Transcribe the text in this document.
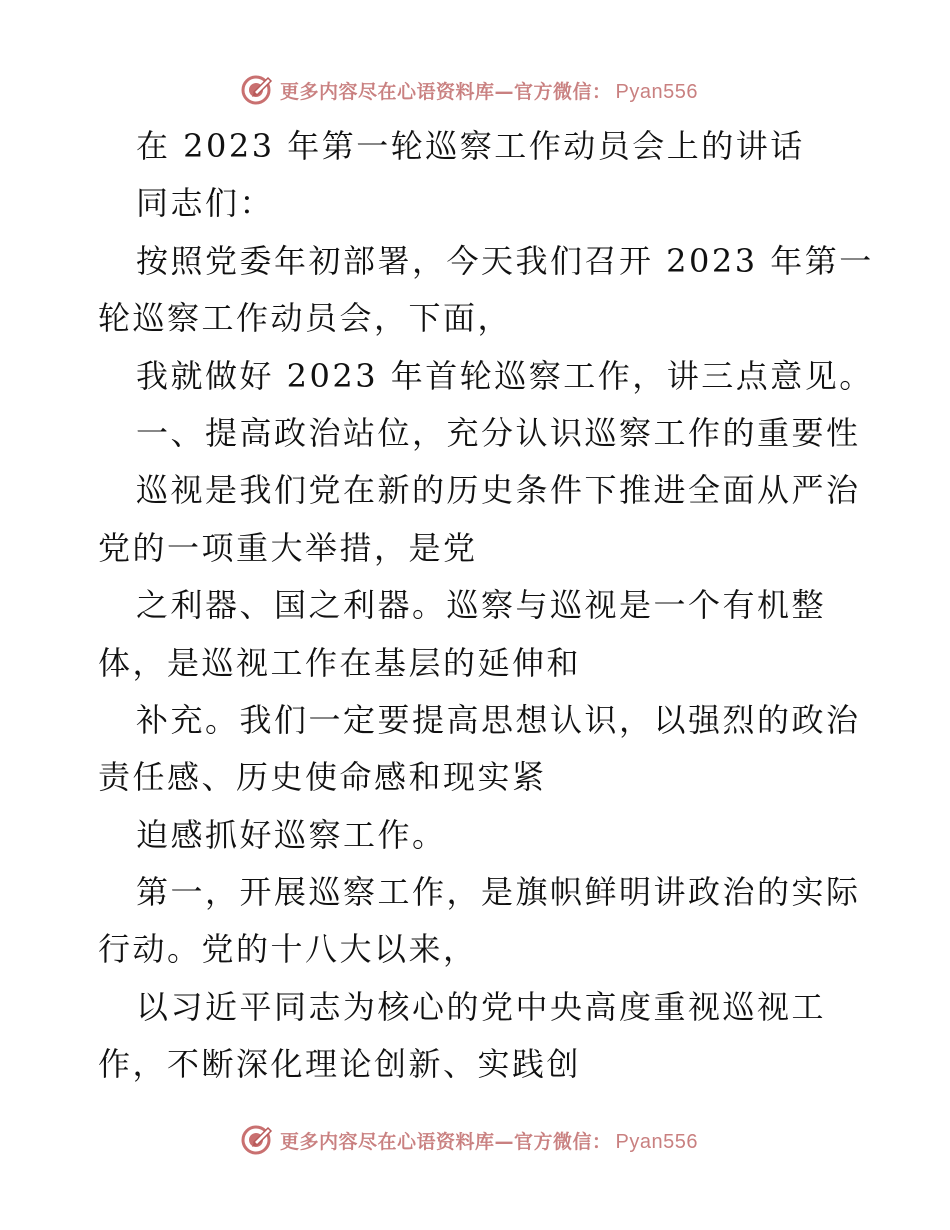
更多内容尽在心语资料库—官方微信： Pyan556
在 2023 年第一轮巡察工作动员会上的讲话
同志们：
按照党委年初部署，今天我们召开 2023 年第一
轮巡察工作动员会，下面，
我就做好 2023 年首轮巡察工作，讲三点意见。
一、提高政治站位，充分认识巡察工作的重要性
巡视是我们党在新的历史条件下推进全面从严治
党的一项重大举措，是党
之利器、国之利器。巡察与巡视是一个有机整
体，是巡视工作在基层的延伸和
补充。我们一定要提高思想认识，以强烈的政治
责任感、历史使命感和现实紧
迫感抓好巡察工作。
第一，开展巡察工作，是旗帜鲜明讲政治的实际
行动。党的十八大以来，
以习近平同志为核心的党中央高度重视巡视工
作，不断深化理论创新、实践创
更多内容尽在心语资料库—官方微信： Pyan556
